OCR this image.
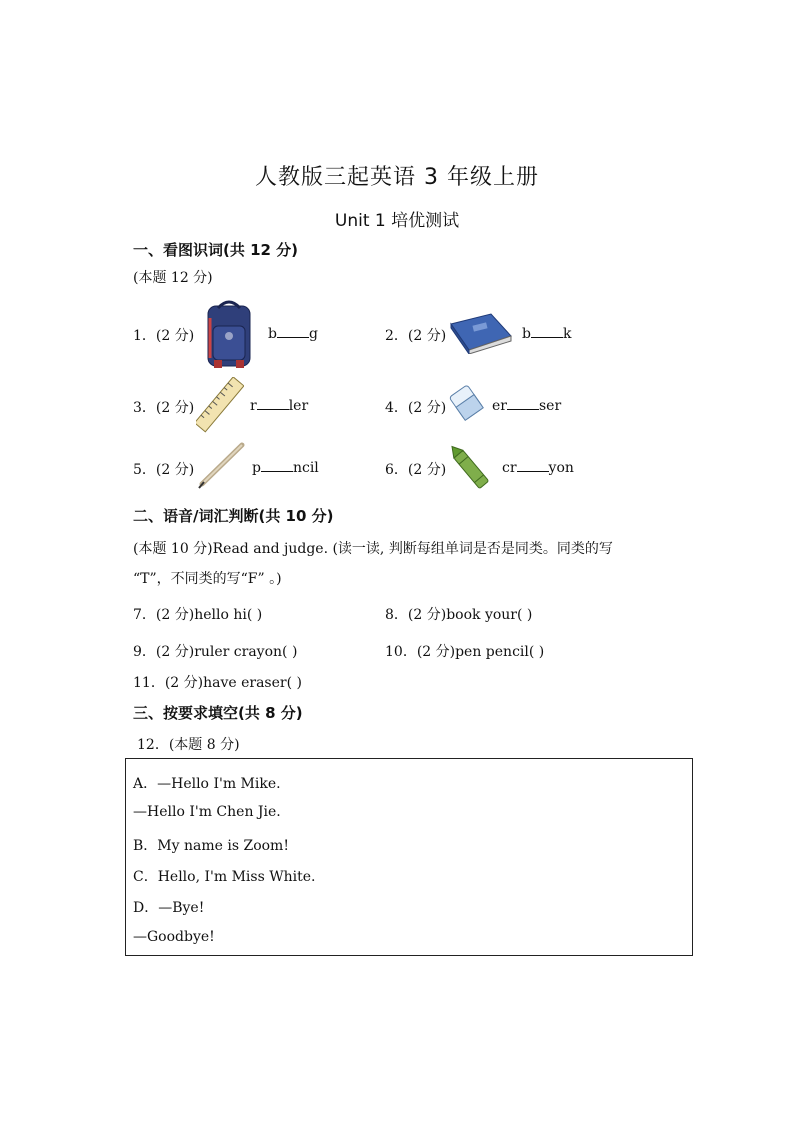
人教版三起英语 3 年级上册
Unit 1 培优测试
一、看图识词(共 12 分)
(本题 12 分)
1．(2 分)	b g	2．(2 分)	b k
3．(2 分)	r ler	4．(2 分)	er ser
5．(2 分)	p ncil	6．(2 分)	cr yon
二、语音/词汇判断(共 10 分)
(本题 10 分)Read and judge. (读一读, 判断每组单词是否是同类。同类的写
“T”，不同类的写“F” 。)
7．(2 分)hello hi( )	8．(2 分)book your( )
9．(2 分)ruler crayon( )	10．(2 分)pen pencil( )
11．(2 分)have eraser( )
三、按要求填空(共 8 分)
12．(本题 8 分)
A．—Hello I'm Mike.
—Hello I'm Chen Jie.
B．My name is Zoom!
C．Hello, I'm Miss White.
D．—Bye!
—Goodbye!
